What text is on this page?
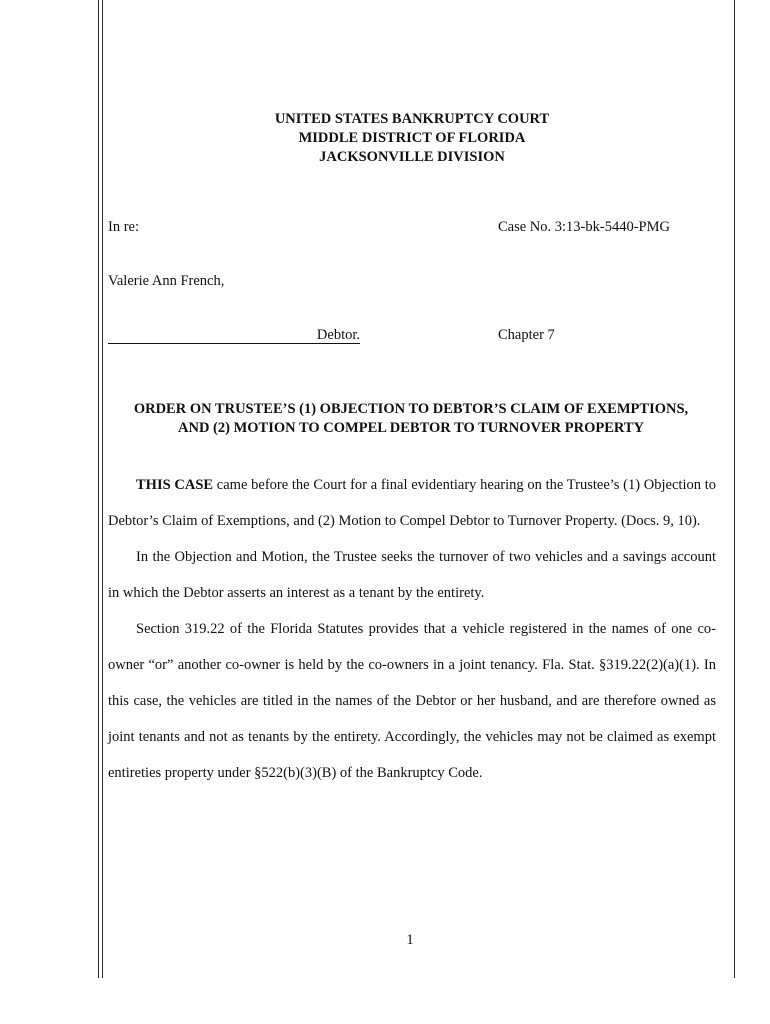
UNITED STATES BANKRUPTCY COURT
MIDDLE DISTRICT OF FLORIDA
JACKSONVILLE DIVISION
In re:	Case No. 3:13-bk-5440-PMG
Valerie Ann French,
Debtor.	Chapter 7
ORDER ON TRUSTEE’S (1) OBJECTION TO DEBTOR’S CLAIM OF EXEMPTIONS,
AND (2) MOTION TO COMPEL DEBTOR TO TURNOVER PROPERTY

THIS CASE came before the Court for a final evidentiary hearing on the Trustee’s (1) Objection to Debtor’s Claim of Exemptions, and (2) Motion to Compel Debtor to Turnover Property. (Docs. 9, 10).

In the Objection and Motion, the Trustee seeks the turnover of two vehicles and a savings account in which the Debtor asserts an interest as a tenant by the entirety.

Section 319.22 of the Florida Statutes provides that a vehicle registered in the names of one co-owner “or” another co-owner is held by the co-owners in a joint tenancy. Fla. Stat. §319.22(2)(a)(1). In this case, the vehicles are titled in the names of the Debtor or her husband, and are therefore owned as joint tenants and not as tenants by the entirety. Accordingly, the vehicles may not be claimed as exempt entireties property under §522(b)(3)(B) of the Bankruptcy Code.

1
